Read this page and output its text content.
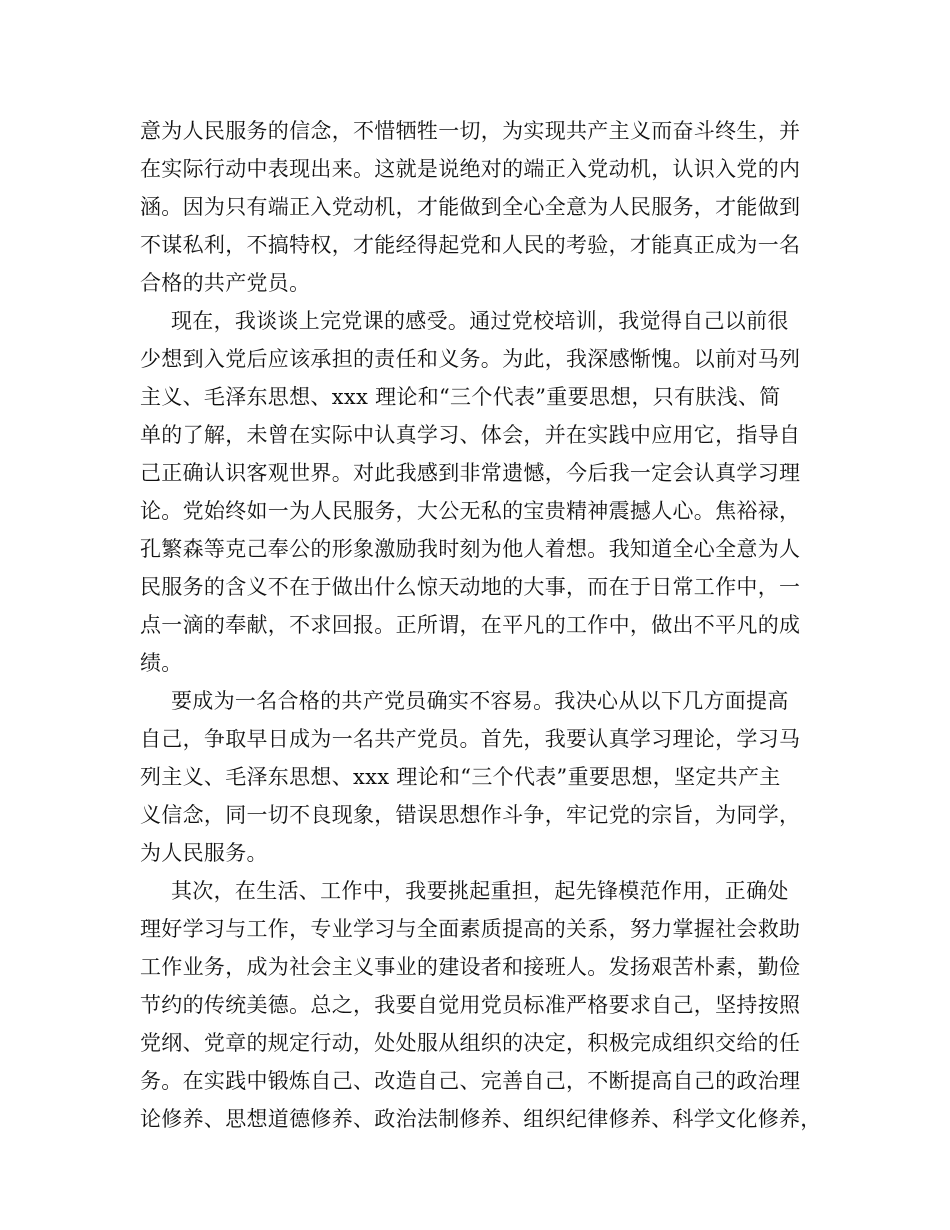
意为人民服务的信念，不惜牺牲一切，为实现共产主义而奋斗终生，并
在实际行动中表现出来。这就是说绝对的端正入党动机，认识入党的内
涵。因为只有端正入党动机，才能做到全心全意为人民服务，才能做到
不谋私利，不搞特权，才能经得起党和人民的考验，才能真正成为一名
合格的共产党员。
现在，我谈谈上完党课的感受。通过党校培训，我觉得自己以前很
少想到入党后应该承担的责任和义务。为此，我深感惭愧。以前对马列
主义、毛泽东思想、xxx 理论和“三个代表”重要思想，只有肤浅、简
单的了解，未曾在实际中认真学习、体会，并在实践中应用它，指导自
己正确认识客观世界。对此我感到非常遗憾，今后我一定会认真学习理
论。党始终如一为人民服务，大公无私的宝贵精神震撼人心。焦裕禄，
孔繁森等克己奉公的形象激励我时刻为他人着想。我知道全心全意为人
民服务的含义不在于做出什么惊天动地的大事，而在于日常工作中，一
点一滴的奉献，不求回报。正所谓，在平凡的工作中，做出不平凡的成
绩。
要成为一名合格的共产党员确实不容易。我决心从以下几方面提高
自己，争取早日成为一名共产党员。首先，我要认真学习理论，学习马
列主义、毛泽东思想、xxx 理论和“三个代表”重要思想，坚定共产主
义信念，同一切不良现象，错误思想作斗争，牢记党的宗旨，为同学，
为人民服务。
其次，在生活、工作中，我要挑起重担，起先锋模范作用，正确处
理好学习与工作，专业学习与全面素质提高的关系，努力掌握社会救助
工作业务，成为社会主义事业的建设者和接班人。发扬艰苦朴素，勤俭
节约的传统美德。总之，我要自觉用党员标准严格要求自己，坚持按照
党纲、党章的规定行动，处处服从组织的决定，积极完成组织交给的任
务。在实践中锻炼自己、改造自己、完善自己，不断提高自己的政治理
论修养、思想道德修养、政治法制修养、组织纪律修养、科学文化修养，
